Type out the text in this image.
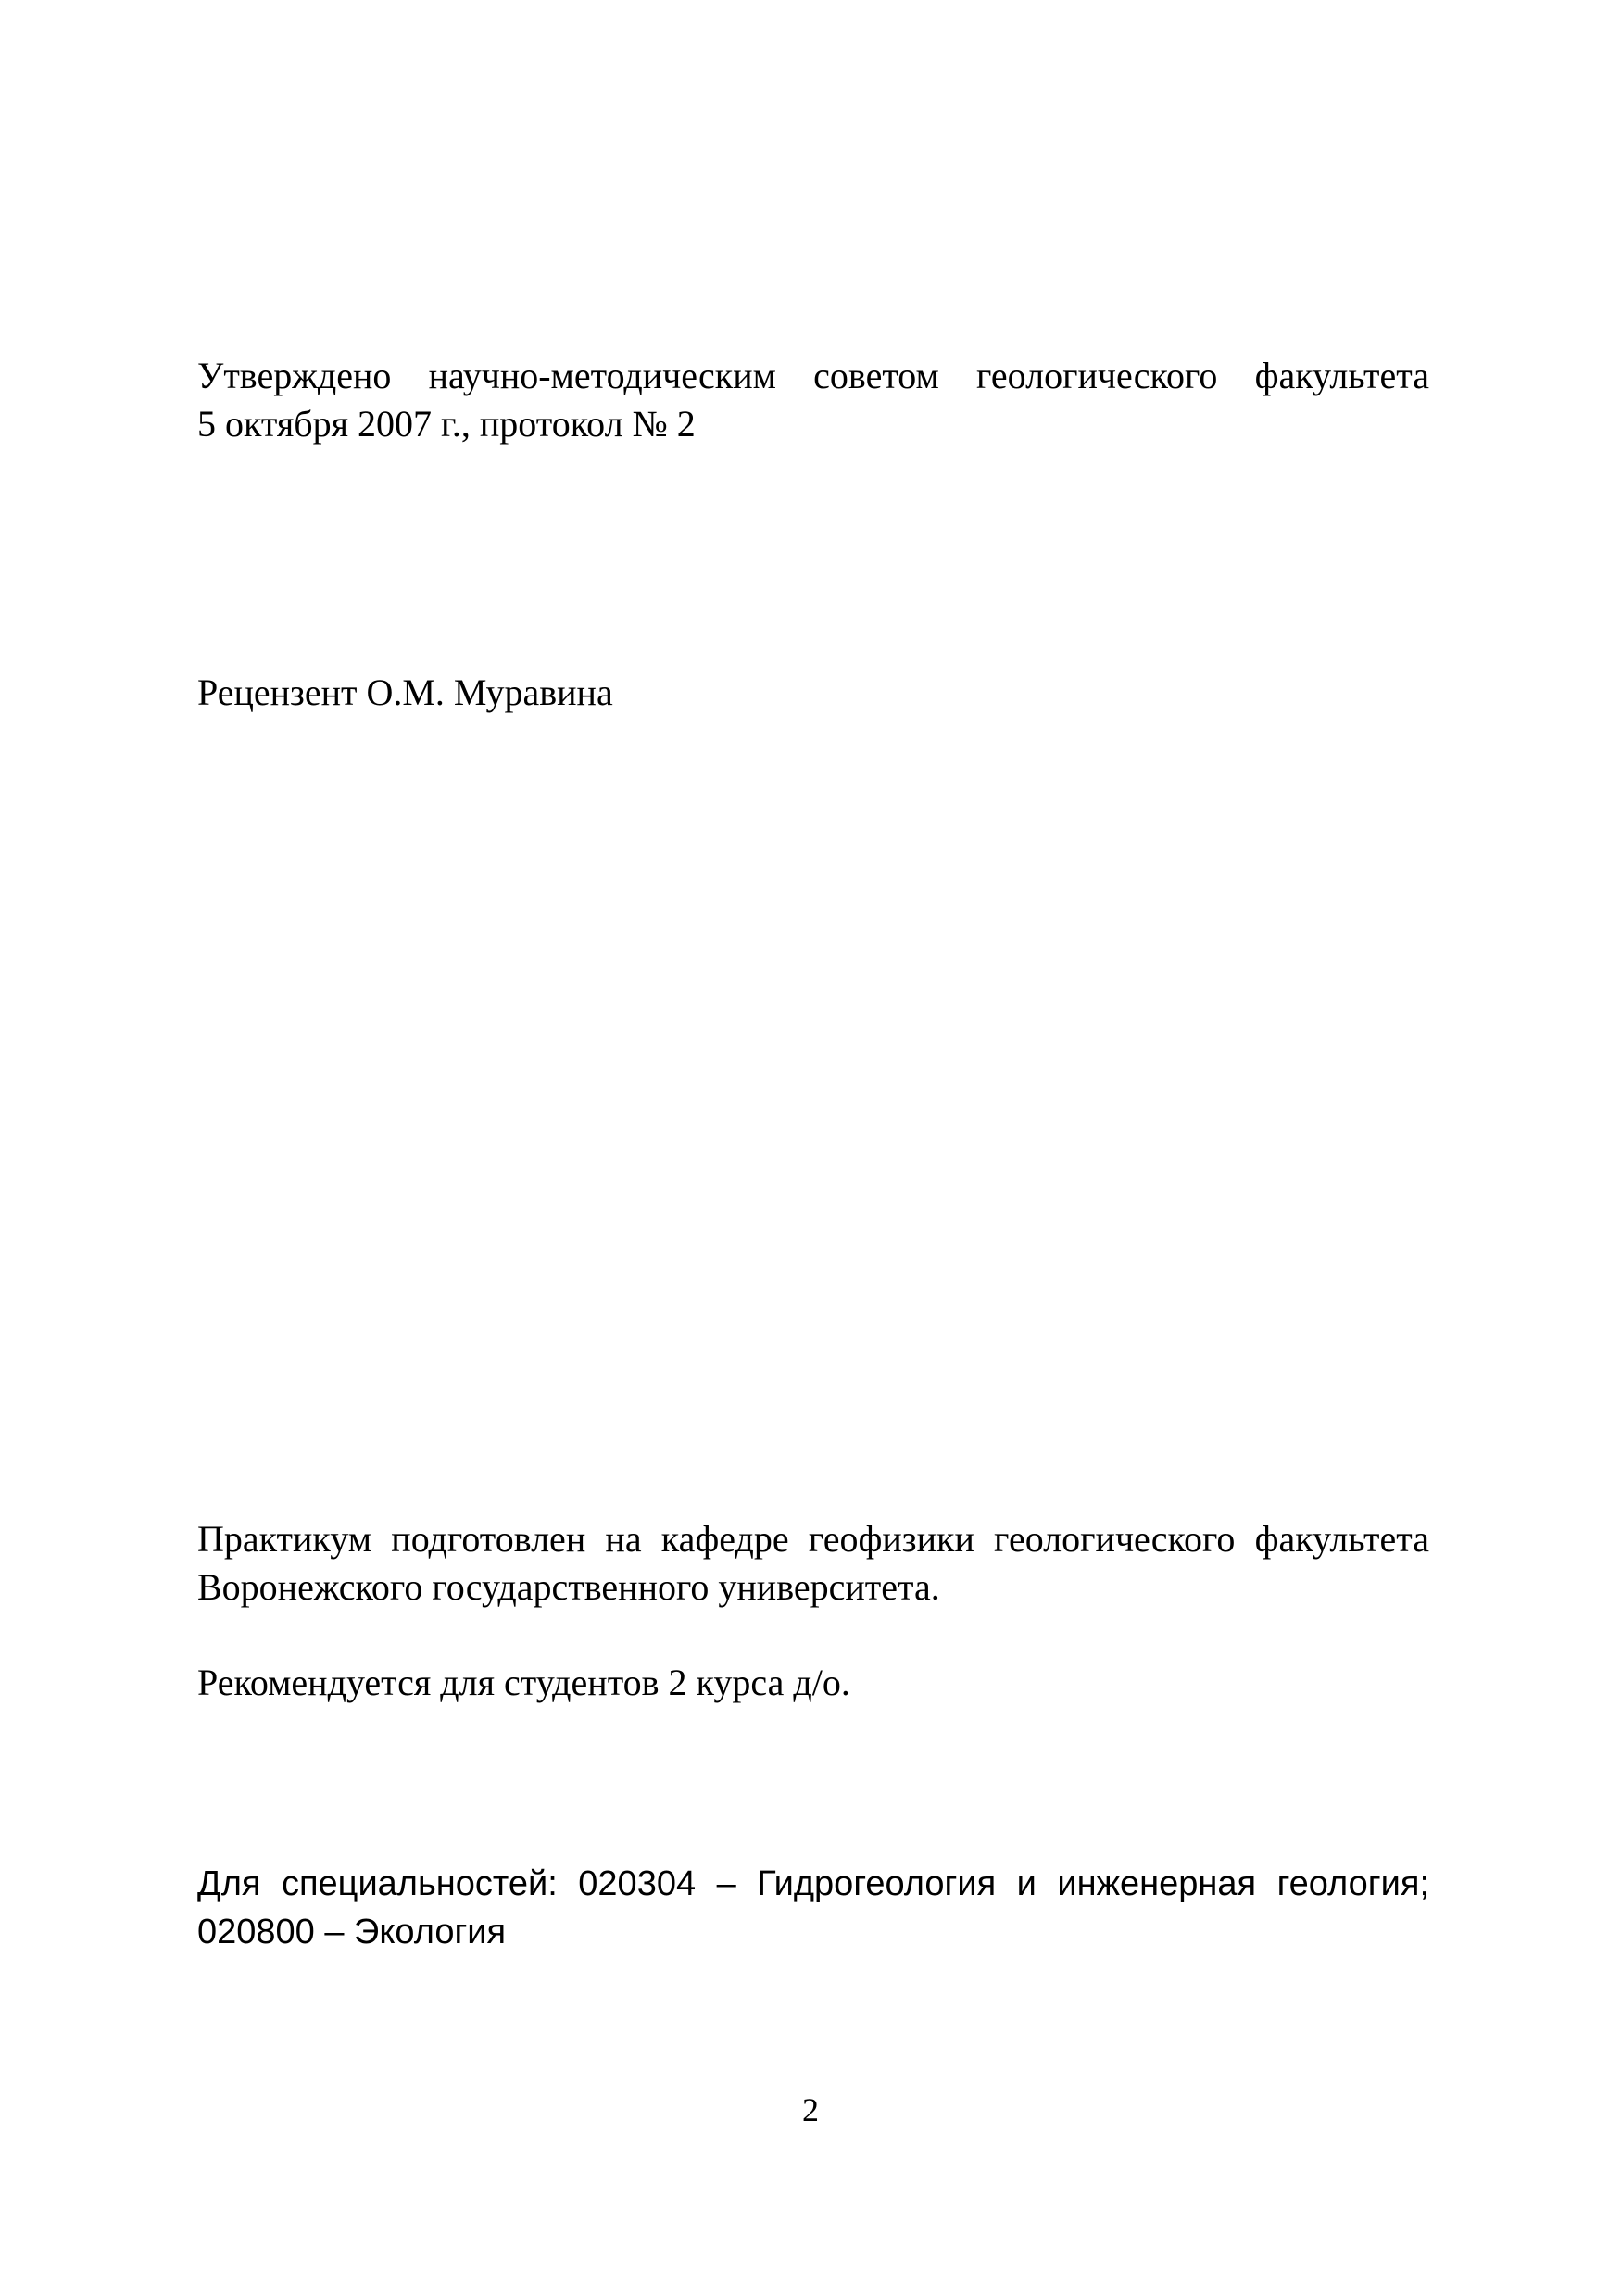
Утверждено научно-методическим советом геологического факультета
5 октября 2007 г., протокол № 2
Рецензент О.М. Муравина
Практикум подготовлен на кафедре геофизики геологического факультета
Воронежского государственного университета.
Рекомендуется для студентов 2 курса д/о.
Для специальностей: 020304 – Гидрогеология и инженерная геология;
020800 – Экология
2
